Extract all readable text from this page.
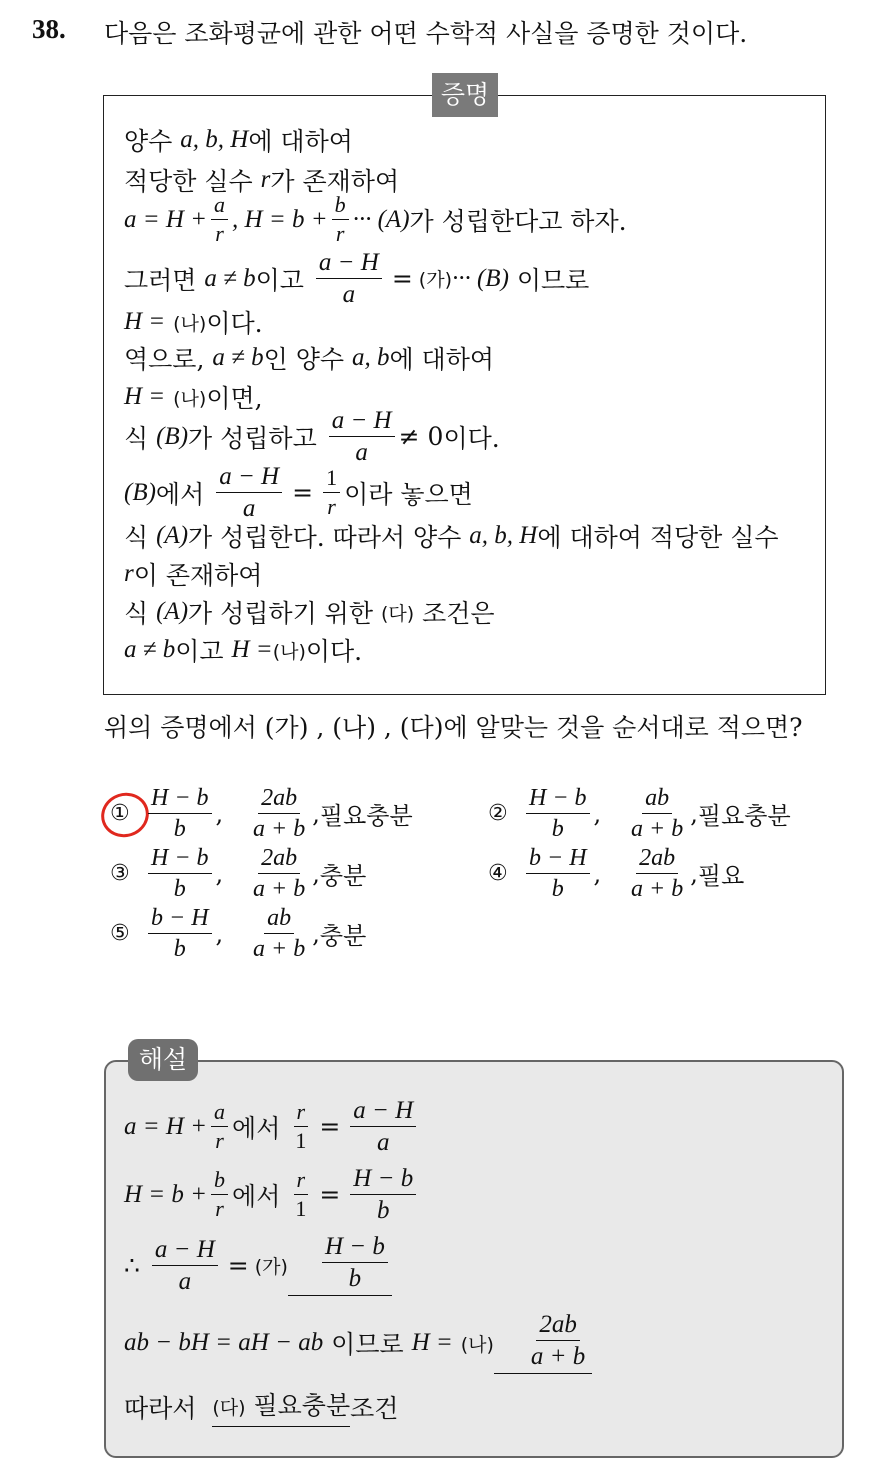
38. 다음은 조화평균에 관한 어떤 수학적 사실을 증명한 것이다.
증명
양수
a, b, H 에 대하여
적당한 실수
r 가 존재하여
$a = H + \frac{a}{r}$ , $H = b + \frac{b}{r}$ ··· (A) 가 성립한다고 하자.
그러면
a ≠ b 이고
$\frac{a - H}{a}$ = (가) ··· (B)
이므로
H =
(나) 이다.
역으로,
a ≠ b 인 양수
a, b 에 대하여
H =
(나) 이면,
식
(B) 가 성립하고
$\frac{a - H}{a} \ne 0$ 이다.
(B) 에서
$\frac{a - H}{a} = \frac{1}{r}$ 이라 놓으면
식
(A) 가 성립한다. 따라서 양수
a, b, H 에 대하여 적당한 실수
r 이 존재하여
식
(A) 가 성립하기 위한
(다)
조건은
a ≠ b 이고
H = (나) 이다.
위의 증명에서 (가) , (나) , (다)에 알맞는 것을 순서대로 적으면?
① $\frac{H - b}{b}$ , $\frac{2ab}{a + b}$ , 필요충분	② $\frac{H - b}{b}$ , $\frac{ab}{a + b}$ , 필요충분
③ $\frac{H - b}{b}$ , $\frac{2ab}{a + b}$ , 충분	④ $\frac{b - H}{b}$ , $\frac{2ab}{a + b}$ , 필요
⑤ $\frac{b - H}{b}$ , $\frac{ab}{a + b}$ , 충분
해설
$a = H + \frac{a}{r}$ 에서
$\frac{r}{1} = \frac{a - H}{a}$
$H = b + \frac{b}{r}$ 에서
$\frac{r}{1} = \frac{H - b}{b}$
∴
$\frac{a - H}{a}$ = (가) $\frac{H - b}{b}$
ab − bH = aH − ab
이므로
H =
(나) $\frac{2ab}{a + b}$
따라서
(다) 필요충분 조건
